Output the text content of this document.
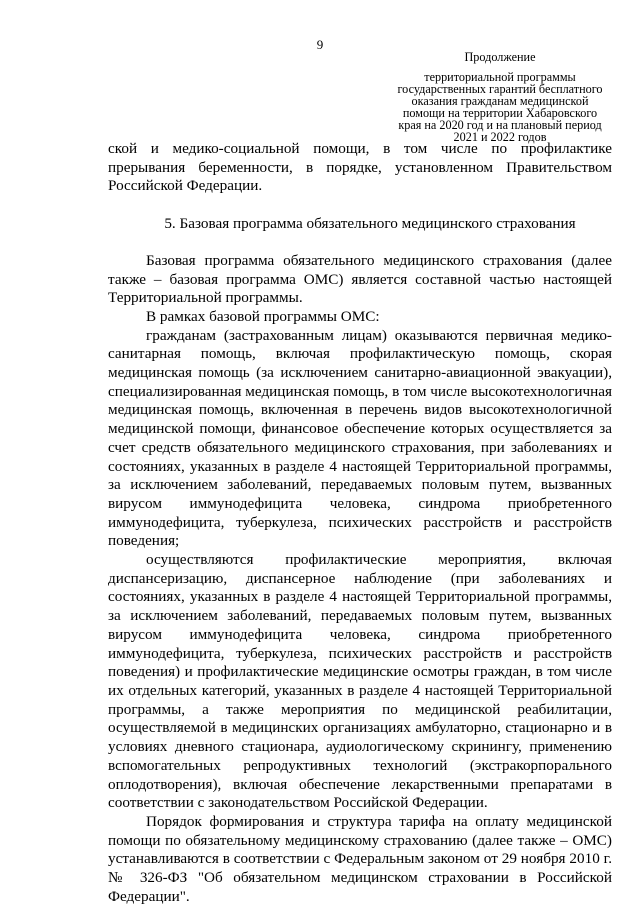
9
Продолжение
территориальной программы
государственных гарантий бесплатного
оказания гражданам медицинской
помощи на территории Хабаровского
края на 2020 год и на плановый период
2021 и 2022 годов

ской и медико-социальной помощи, в том числе по профилактике прерывания беременности, в порядке, установленном Правительством Российской Федерации.

5. Базовая программа обязательного медицинского страхования

Базовая программа обязательного медицинского страхования (далее также – базовая программа ОМС) является составной частью настоящей Территориальной программы.

В рамках базовой программы ОМС:

гражданам (застрахованным лицам) оказываются первичная медико-санитарная помощь, включая профилактическую помощь, скорая медицинская помощь (за исключением санитарно-авиационной эвакуации), специализированная медицинская помощь, в том числе высокотехнологичная медицинская помощь, включенная в перечень видов высокотехнологичной медицинской помощи, финансовое обеспечение которых осуществляется за счет средств обязательного медицинского страхования, при заболеваниях и состояниях, указанных в разделе 4 настоящей Территориальной программы, за исключением заболеваний, передаваемых половым путем, вызванных вирусом иммунодефицита человека, синдрома приобретенного иммунодефицита, туберкулеза, психических расстройств и расстройств поведения;

осуществляются профилактические мероприятия, включая диспансеризацию, диспансерное наблюдение (при заболеваниях и состояниях, указанных в разделе 4 настоящей Территориальной программы, за исключением заболеваний, передаваемых половым путем, вызванных вирусом иммунодефицита человека, синдрома приобретенного иммунодефицита, туберкулеза, психических расстройств и расстройств поведения) и профилактические медицинские осмотры граждан, в том числе их отдельных категорий, указанных в разделе 4 настоящей Территориальной программы, а также мероприятия по медицинской реабилитации, осуществляемой в медицинских организациях амбулаторно, стационарно и в условиях дневного стационара, аудиологическому скринингу, применению вспомогательных репродуктивных технологий (экстракорпорального оплодотворения), включая обеспечение лекарственными препаратами в соответствии с законодательством Российской Федерации.

Порядок формирования и структура тарифа на оплату медицинской помощи по обязательному медицинскому страхованию (далее также – ОМС) устанавливаются в соответствии с Федеральным законом от 29 ноября 2010 г. № 326-ФЗ "Об обязательном медицинском страховании в Российской Федерации".
